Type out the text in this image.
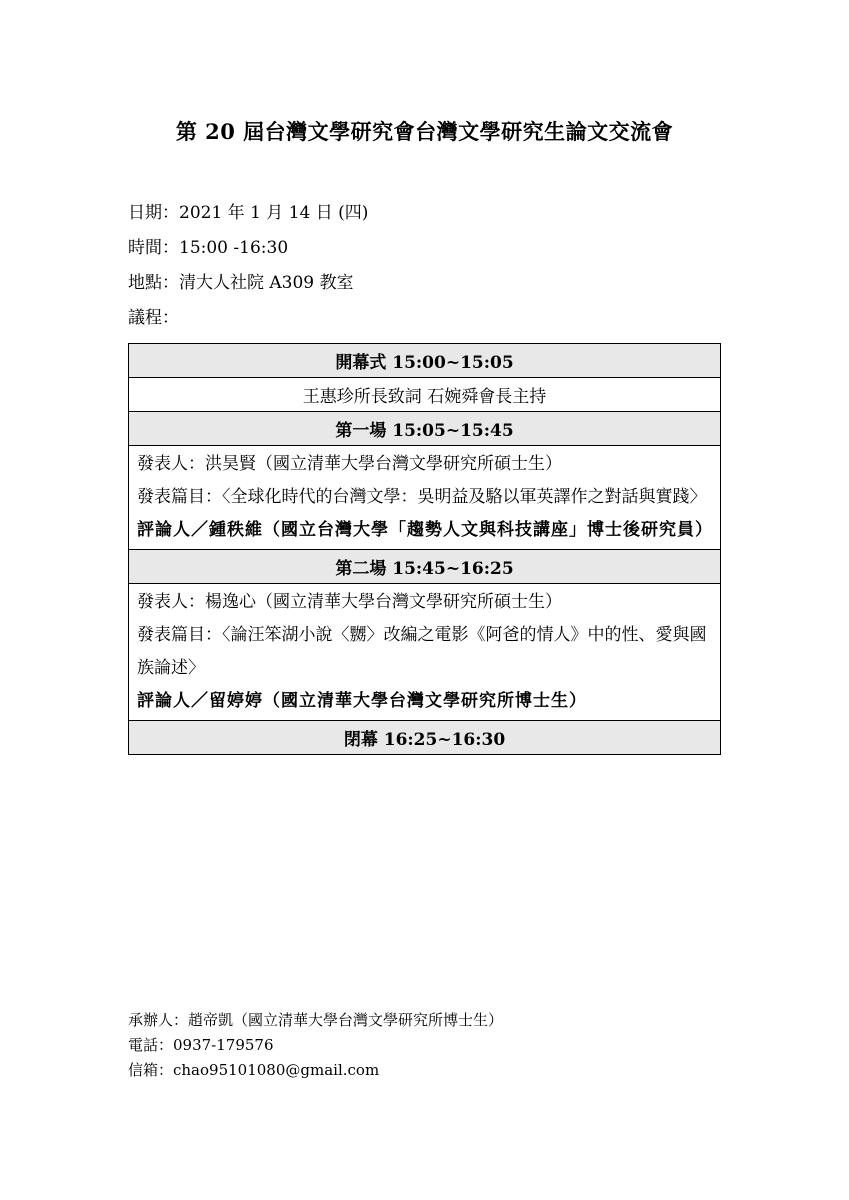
第 20 屆台灣文學研究會台灣文學研究生論文交流會
日期：2021 年 1 月 14 日 (四)
時間：15:00 -16:30
地點：清大人社院 A309 教室
議程：
開幕式 15:00~15:05
王惠珍所長致詞 石婉舜會長主持
第一場 15:05~15:45

發表人：洪昊賢（國立清華大學台灣文學研究所碩士生）
發表篇目：〈全球化時代的台灣文學：吳明益及駱以軍英譯作之對話與實踐〉
評論人／鍾秩維（國立台灣大學「趨勢人文與科技講座」博士後研究員）

第二場 15:45~16:25

發表人：楊逸心（國立清華大學台灣文學研究所碩士生）
發表篇目：〈論汪笨湖小說〈嬲〉改編之電影《阿爸的情人》中的性、愛與國族論述〉
評論人／留婷婷（國立清華大學台灣文學研究所博士生）

閉幕 16:25~16:30
承辦人：趙帝凱（國立清華大學台灣文學研究所博士生）
電話：0937-179576
信箱：chao95101080@gmail.com
